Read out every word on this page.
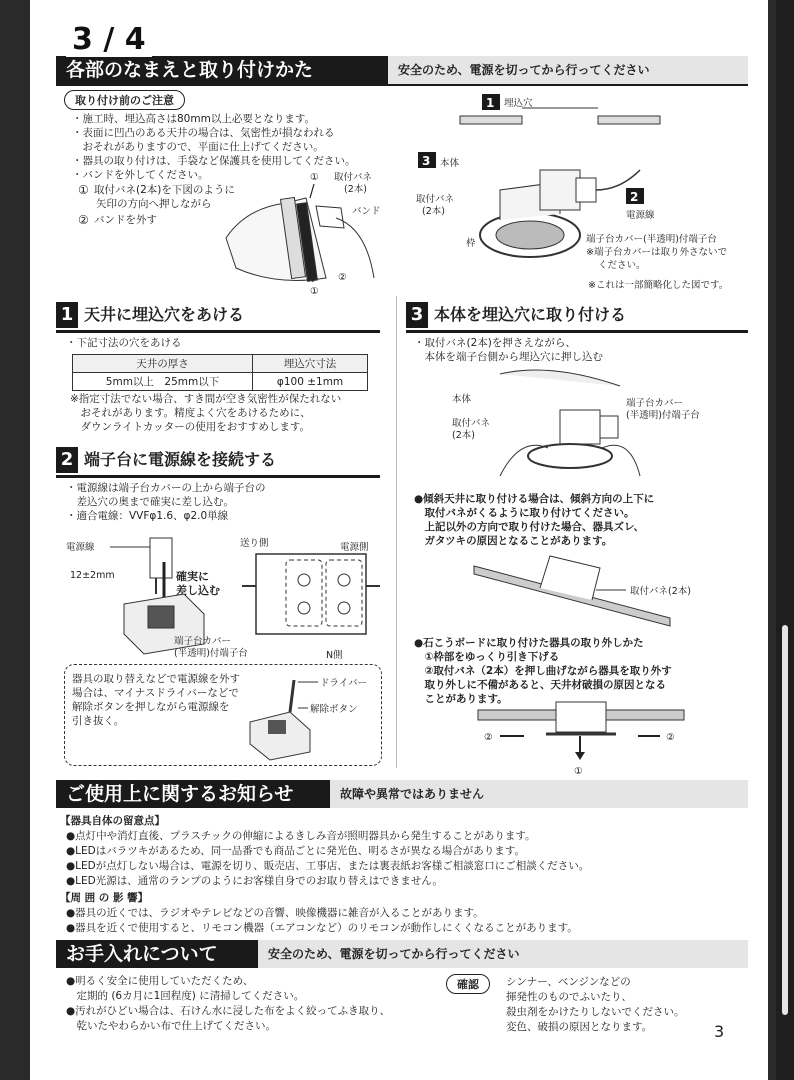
各部のなまえと取り付けかた
3 / 4
安全のため、電源を切ってから行ってください
取り付け前のご注意
・施工時、埋込高さは80mm以上必要となります。
・表面に凹凸のある天井の場合は、気密性が損なわれる
　おそれがありますので、平面に仕上げてください。
・器具の取り付けは、手袋など保護具を使用してください。
・バンドを外してください。
① 取付バネ(2本)を下図のように
矢印の方向へ押しながら
② バンドを外す
取付バネ
(2本)
バンド
①
①
②
1 埋込穴
3 本体
取付バネ
(2本)
枠
2
電源線
端子台カバー(半透明)付端子台
※端子台カバーは取り外さないで
ください。
※これは一部簡略化した図です。
1 天井に埋込穴をあける
・下記寸法の穴をあける
天井の厚さ	埋込穴寸法
5mm以上　25mm以下	φ100 ±1mm
※指定寸法でない場合、すき間が空き気密性が保たれない
　おそれがあります。精度よく穴をあけるために、
　ダウンライトカッターの使用をおすすめします。
2 端子台に電源線を接続する
・電源線は端子台カバーの上から端子台の
　差込穴の奥まで確実に差し込む。
・適合電線：VVFφ1.6、φ2.0単線
電源線
12±2mm	確実に
差し込む
端子台カバー
(半透明)付端子台
送り側	電源側
N側
器具の取り替えなどで電源線を外す
場合は、マイナスドライバーなどで
解除ボタンを押しながら電源線を
引き抜く。
ドライバー
解除ボタン
3 本体を埋込穴に取り付ける
・取付バネ(2本)を押さえながら、
　本体を端子台側から埋込穴に押し込む
本体
取付バネ
(2本)
端子台カバー
(半透明)付端子台
●傾斜天井に取り付ける場合は、傾斜方向の上下に
　取付バネがくるように取り付けてください。
　上記以外の方向で取り付けた場合、器具ズレ、
　ガタツキの原因となることがあります。
取付バネ(2本)
●石こうボードに取り付けた器具の取り外しかた
　①枠部をゆっくり引き下げる
　②取付バネ（2本）を押し曲げながら器具を取り外す
　取り外しに不備があると、天井材破損の原因となる
　ことがあります。
②	②
①
ご使用上に関するお知らせ	故障や異常ではありません
【器具自体の留意点】
●点灯中や消灯直後、プラスチックの伸縮によるきしみ音が照明器具から発生することがあります。
●LEDはバラツキがあるため、同一品番でも商品ごとに発光色、明るさが異なる場合があります。
●LEDが点灯しない場合は、電源を切り、販売店、工事店、または裏表紙お客様ご相談窓口にご相談ください。
●LED光源は、通常のランプのようにお客様自身でのお取り替えはできません。
【周 囲 の 影 響】
●器具の近くでは、ラジオやテレビなどの音響、映像機器に雑音が入ることがあります。
●器具を近くで使用すると、リモコン機器（エアコンなど）のリモコンが動作しにくくなることがあります。
お手入れについて	安全のため、電源を切ってから行ってください
●明るく安全に使用していただくため、
　定期的 (6カ月に1回程度) に清掃してください。
●汚れがひどい場合は、石けん水に浸した布をよく絞ってふき取り、
　乾いたやわらかい布で仕上げてください。
確認	シンナー、ベンジンなどの
揮発性のものでふいたり、
殺虫剤をかけたりしないでください。
変色、破損の原因となります。	3
